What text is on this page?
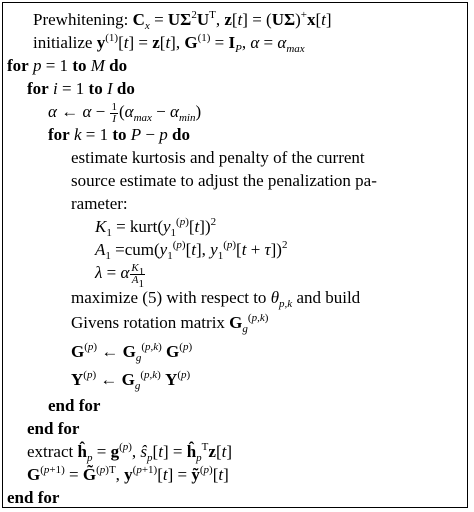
Prewhitening: $C_x = U\Sigma^2U^T$, z[t] = (UΣ)+x[t]
initialize $y^{(1)}[t] = z[t]$, $G^{(1)} = I_P$, $\alpha = \alpha_{max}$
for p = 1 to M do
for i = 1 to I do
α ← $\alpha - \frac{1}{I} (\alpha_{max} - \alpha_{min})$
for k = 1 to P − p do
estimate kurtosis and penalty of the current
source estimate to adjust the penalization pa-
rameter:
$K_1$ = $kurt(y_1^{(p)}[t])^2$
$A_1 =cum(y_1^{(p)}[t]$, $y_1^{(p)}[t + \tau])^2$
λ = α $\frac{K_1}{A_1}$
maximize (5) with respect to $\theta_{p,k}$ and build
Givens rotation matrix $G_g^{(p,k)}$
$G^{(p)}$ ← $G_g^{(p,k)}$ $G^{(p)}$
$Y^{(p)}$ ← $G_g^{(p,k)}$ $Y^{(p)}$
end for
end for
extract $ĥ_p = g^{(p)}$, $ŝ_p[t]$ = $ĥ_p^Tz[t]$
$G^{(p+1)}$ = G̃$^{(p)T}$, $y^{(p+1)}[t]$ = ỹ$^{(p)}$[t]
end for
